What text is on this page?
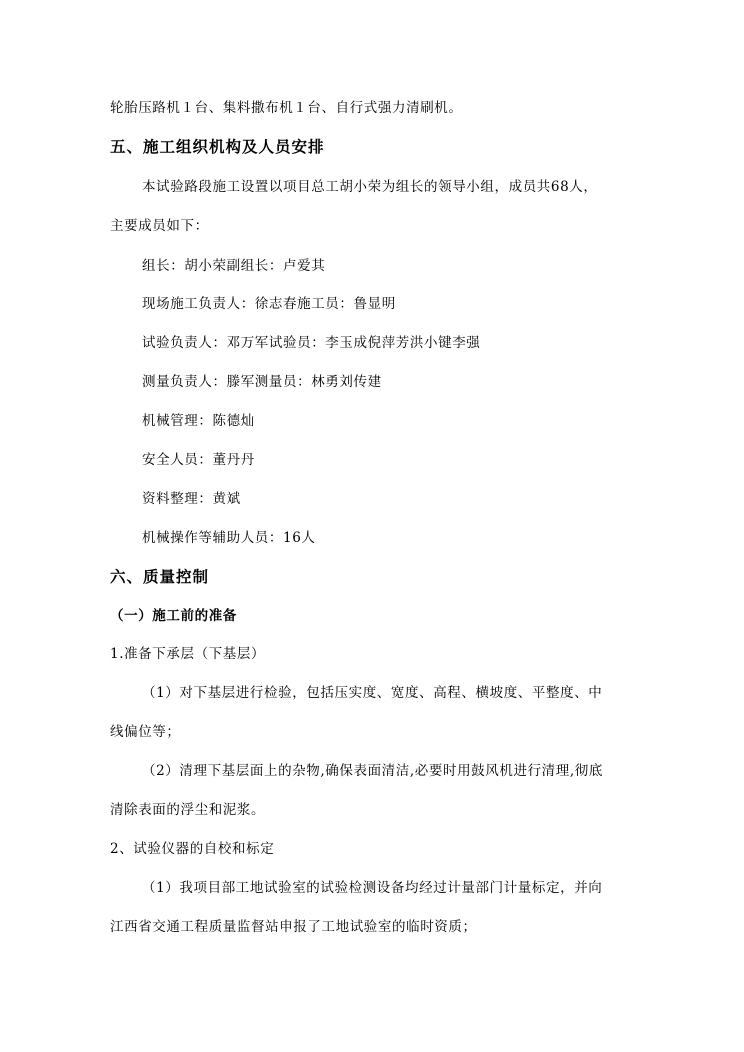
轮胎压路机１台、集料撒布机１台、自行式强力清刷机。
五、施工组织机构及人员安排
本试验路段施工设置以项目总工胡小荣为组长的领导小组，成员共68人，
主要成员如下：
组长：胡小荣副组长：卢爱其
现场施工负责人：徐志春施工员：鲁显明
试验负责人：邓万军试验员：李玉成倪萍芳洪小键李强
测量负责人：滕军测量员：林勇刘传建
机械管理：陈德灿
安全人员：董丹丹
资料整理：黄斌
机械操作等辅助人员：16人
六、质量控制
（一）施工前的准备
1.准备下承层（下基层）
（1）对下基层进行检验，包括压实度、宽度、高程、横坡度、平整度、中
线偏位等；
（2）清理下基层面上的杂物,确保表面清洁,必要时用鼓风机进行清理,彻底
清除表面的浮尘和泥浆。
2、试验仪器的自校和标定
（1）我项目部工地试验室的试验检测设备均经过计量部门计量标定，并向
江西省交通工程质量监督站申报了工地试验室的临时资质；
